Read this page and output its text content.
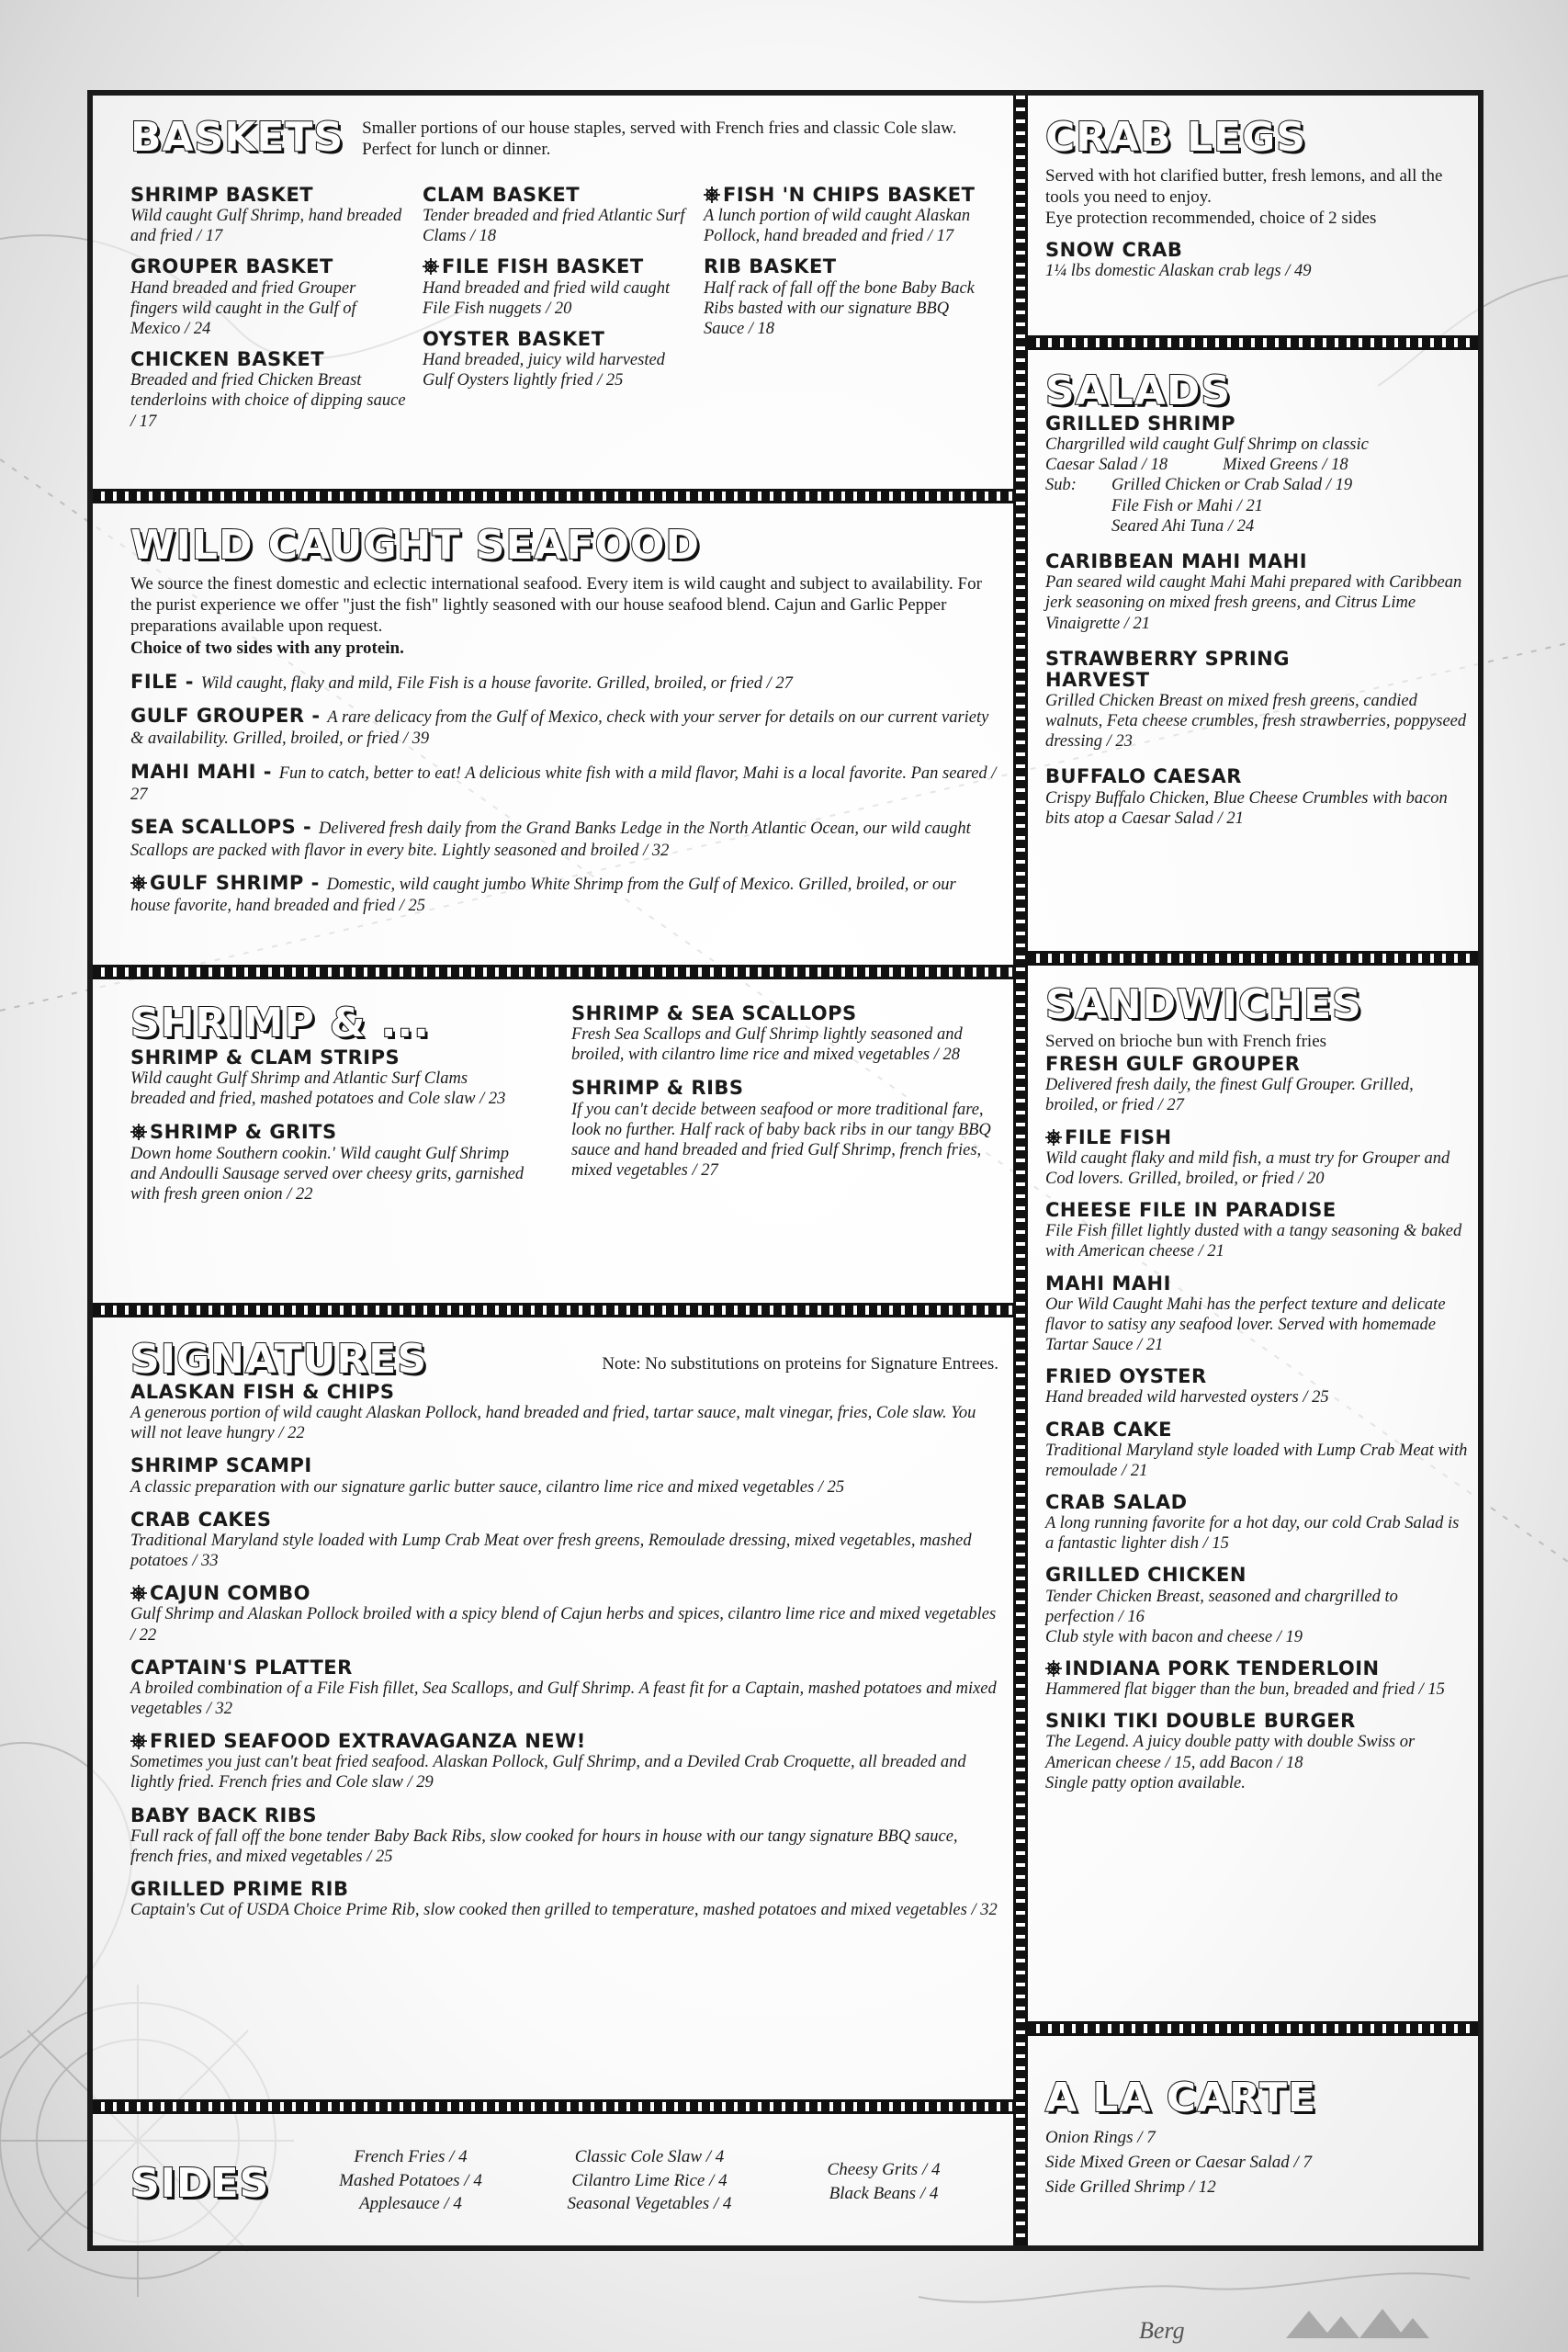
Berg
BASKETS Smaller portions of our house staples, served with French fries and classic Cole slaw. Perfect for lunch or dinner.
SHRIMP BASKET
Wild caught Gulf Shrimp, hand breaded and fried / 17
GROUPER BASKET
Hand breaded and fried Grouper fingers wild caught in the Gulf of Mexico / 24
CHICKEN BASKET
Breaded and fried Chicken Breast tenderloins with choice of dipping sauce / 17
CLAM BASKET
Tender breaded and fried Atlantic Surf Clams / 18
FILE FISH BASKET
Hand breaded and fried wild caught File Fish nuggets / 20
OYSTER BASKET
Hand breaded, juicy wild harvested Gulf Oysters lightly fried / 25
FISH 'N CHIPS BASKET
A lunch portion of wild caught Alaskan Pollock, hand breaded and fried / 17
RIB BASKET
Half rack of fall off the bone Baby Back Ribs basted with our signature BBQ Sauce / 18
CRAB LEGS
Served with hot clarified butter, fresh lemons, and all the tools you need to enjoy.
Eye protection recommended, choice of 2 sides
SNOW CRAB
1¼ lbs domestic Alaskan crab legs / 49
WILD CAUGHT SEAFOOD
We source the finest domestic and eclectic international seafood. Every item is wild caught and subject to availability. For the purist experience we offer "just the fish" lightly seasoned with our house seafood blend. Cajun and Garlic Pepper preparations available upon request.
Choice of two sides with any protein.
FILE - Wild caught, flaky and mild, File Fish is a house favorite. Grilled, broiled, or fried / 27
GULF GROUPER - A rare delicacy from the Gulf of Mexico, check with your server for details on our current variety & availability. Grilled, broiled, or fried / 39
MAHI MAHI - Fun to catch, better to eat! A delicious white fish with a mild flavor, Mahi is a local favorite. Pan seared / 27
SEA SCALLOPS - Delivered fresh daily from the Grand Banks Ledge in the North Atlantic Ocean, our wild caught Scallops are packed with flavor in every bite. Lightly seasoned and broiled / 32
GULF SHRIMP - Domestic, wild caught jumbo White Shrimp from the Gulf of Mexico. Grilled, broiled, or our house favorite, hand breaded and fried / 25
SALADS
GRILLED SHRIMP
Chargrilled wild caught Gulf Shrimp on classic
Caesar Salad / 18	Mixed Greens / 18
Sub:	Grilled Chicken or Crab Salad / 19
File Fish or Mahi / 21
Seared Ahi Tuna / 24
CARIBBEAN MAHI MAHI
Pan seared wild caught Mahi Mahi prepared with Caribbean jerk seasoning on mixed fresh greens, and Citrus Lime Vinaigrette / 21
STRAWBERRY SPRING HARVEST
Grilled Chicken Breast on mixed fresh greens, candied walnuts, Feta cheese crumbles, fresh strawberries, poppyseed dressing / 23
BUFFALO CAESAR
Crispy Buffalo Chicken, Blue Cheese Crumbles with bacon bits atop a Caesar Salad / 21
SHRIMP & ...
SHRIMP & CLAM STRIPS
Wild caught Gulf Shrimp and Atlantic Surf Clams breaded and fried, mashed potatoes and Cole slaw / 23
SHRIMP & GRITS
Down home Southern cookin.' Wild caught Gulf Shrimp and Andoulli Sausage served over cheesy grits, garnished with fresh green onion / 22
SHRIMP & SEA SCALLOPS
Fresh Sea Scallops and Gulf Shrimp lightly seasoned and broiled, with cilantro lime rice and mixed vegetables / 28
SHRIMP & RIBS
If you can't decide between seafood or more traditional fare, look no further. Half rack of baby back ribs in our tangy BBQ sauce and hand breaded and fried Gulf Shrimp, french fries, mixed vegetables / 27
SANDWICHES
Served on brioche bun with French fries
FRESH GULF GROUPER
Delivered fresh daily, the finest Gulf Grouper. Grilled, broiled, or fried / 27
FILE FISH
Wild caught flaky and mild fish, a must try for Grouper and Cod lovers. Grilled, broiled, or fried / 20
CHEESE FILE IN PARADISE
File Fish fillet lightly dusted with a tangy seasoning & baked with American cheese / 21
MAHI MAHI
Our Wild Caught Mahi has the perfect texture and delicate flavor to satisy any seafood lover. Served with homemade Tartar Sauce / 21
FRIED OYSTER
Hand breaded wild harvested oysters / 25
CRAB CAKE
Traditional Maryland style loaded with Lump Crab Meat with remoulade / 21
CRAB SALAD
A long running favorite for a hot day, our cold Crab Salad is a fantastic lighter dish / 15
GRILLED CHICKEN
Tender Chicken Breast, seasoned and chargrilled to perfection / 16
Club style with bacon and cheese / 19
INDIANA PORK TENDERLOIN
Hammered flat bigger than the bun, breaded and fried / 15
SNIKI TIKI DOUBLE BURGER
The Legend. A juicy double patty with double Swiss or American cheese / 15, add Bacon / 18
Single patty option available.
SIGNATURES	Note: No substitutions on proteins for Signature Entrees.
ALASKAN FISH & CHIPS
A generous portion of wild caught Alaskan Pollock, hand breaded and fried, tartar sauce, malt vinegar, fries, Cole slaw. You will not leave hungry / 22
SHRIMP SCAMPI
A classic preparation with our signature garlic butter sauce, cilantro lime rice and mixed vegetables / 25
CRAB CAKES
Traditional Maryland style loaded with Lump Crab Meat over fresh greens, Remoulade dressing, mixed vegetables, mashed potatoes / 33
CAJUN COMBO
Gulf Shrimp and Alaskan Pollock broiled with a spicy blend of Cajun herbs and spices, cilantro lime rice and mixed vegetables / 22
CAPTAIN'S PLATTER
A broiled combination of a File Fish fillet, Sea Scallops, and Gulf Shrimp. A feast fit for a Captain, mashed potatoes and mixed vegetables / 32
FRIED SEAFOOD EXTRAVAGANZA NEW!
Sometimes you just can't beat fried seafood. Alaskan Pollock, Gulf Shrimp, and a Deviled Crab Croquette, all breaded and lightly fried. French fries and Cole slaw / 29
BABY BACK RIBS
Full rack of fall off the bone tender Baby Back Ribs, slow cooked for hours in house with our tangy signature BBQ sauce, french fries, and mixed vegetables / 25
GRILLED PRIME RIB
Captain's Cut of USDA Choice Prime Rib, slow cooked then grilled to temperature, mashed potatoes and mixed vegetables / 32
SIDES
French Fries / 4
Mashed Potatoes / 4
Applesauce / 4
Classic Cole Slaw / 4
Cilantro Lime Rice / 4
Seasonal Vegetables / 4
Cheesy Grits / 4
Black Beans / 4
A LA CARTE
Onion Rings / 7
Side Mixed Green or Caesar Salad / 7
Side Grilled Shrimp / 12
